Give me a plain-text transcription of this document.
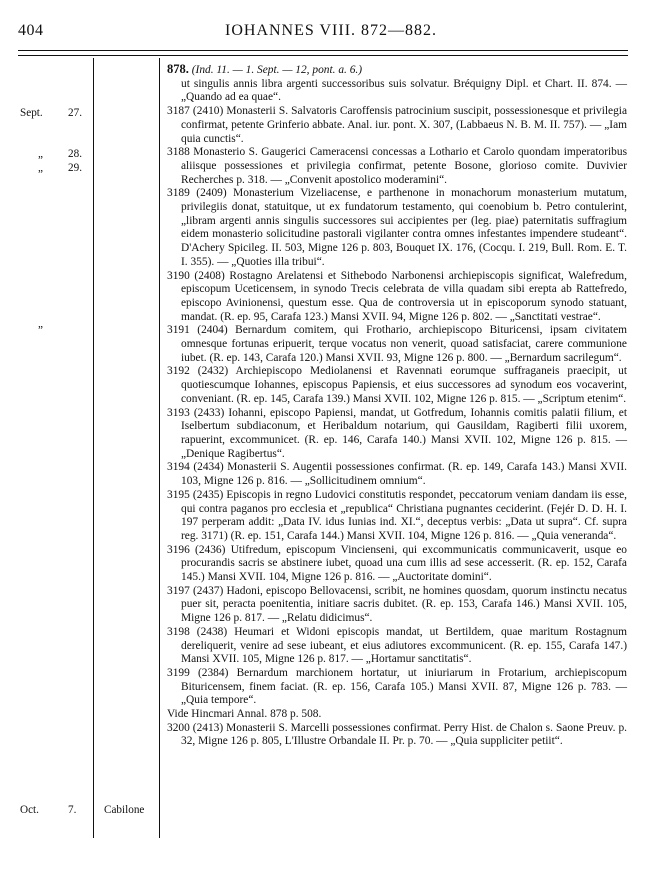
404	IOHANNES VIII. 872—882.
Sept. 27.
„ 28.
„ 29.
„
Oct.	7. Cabilone

878. (Ind. 11. — 1. Sept. — 12, pont. a. 6.)
ut singulis annis libra argenti successoribus suis solvatur. Bréquigny Dipl. et Chart. II. 874. — „Quando ad ea quae“.

3187 (2410) Monasterii S. Salvatoris Caroffensis patrocinium suscipit, possessionesque et privilegia confirmat, petente Grinferio abbate. Anal. iur. pont. X. 307, (Labbaeus N. B. M. II. 757). — „Iam quia cunctis“.

3188 Monasterio S. Gaugerici Cameracensi concessas a Lothario et Carolo quondam imperatoribus aliisque possessiones et privilegia confirmat, petente Bosone, glorioso comite. Duvivier Recherches p. 318. — „Convenit apostolico moderamini“.

3189 (2409) Monasterium Vizeliacense, e parthenone in monachorum monasterium mutatum, privilegiis donat, statuitque, ut ex fundatorum testamento, qui coenobium b. Petro contulerint, „libram argenti annis singulis successores sui accipientes per (leg. piae) paternitatis suffragium eidem monasterio solicitudine pastorali vigilanter contra omnes infestantes impendere studeant“. D'Achery Spicileg. II. 503, Migne 126 p. 803, Bouquet IX. 176, (Cocqu. I. 219, Bull. Rom. E. T. I. 355). — „Quoties illa tribui“.

3190 (2408) Rostagno Arelatensi et Sithebodo Narbonensi archiepiscopis significat, Walefredum, episcopum Uceticensem, in synodo Trecis celebrata de villa quadam sibi erepta ab Rattefredo, episcopo Avinionensi, questum esse. Qua de controversia ut in episcoporum synodo statuant, mandat. (R. ep. 95, Carafa 123.) Mansi XVII. 94, Migne 126 p. 802. — „Sanctitati vestrae“.

3191 (2404) Bernardum comitem, qui Frothario, archiepiscopo Bituricensi, ipsam civitatem omnesque fortunas eripuerit, terque vocatus non venerit, quoad satisfaciat, carere communione iubet. (R. ep. 143, Carafa 120.) Mansi XVII. 93, Migne 126 p. 800. — „Bernardum sacrilegum“.

3192 (2432) Archiepiscopo Mediolanensi et Ravennati eorumque suffraganeis praecipit, ut quotiescumque Iohannes, episcopus Papiensis, et eius successores ad synodum eos vocaverint, conveniant. (R. ep. 145, Carafa 139.) Mansi XVII. 102, Migne 126 p. 815. — „Scriptum etenim“.

3193 (2433) Iohanni, episcopo Papiensi, mandat, ut Gotfredum, Iohannis comitis palatii filium, et Iselbertum subdiaconum, et Heribaldum notarium, qui Gausildam, Ragiberti filii uxorem, rapuerint, excommunicet. (R. ep. 146, Carafa 140.) Mansi XVII. 102, Migne 126 p. 815. — „Denique Ragibertus“.

3194 (2434) Monasterii S. Augentii possessiones confirmat. (R. ep. 149, Carafa 143.) Mansi XVII. 103, Migne 126 p. 816. — „Sollicitudinem omnium“.

3195 (2435) Episcopis in regno Ludovici constitutis respondet, peccatorum veniam dandam iis esse, qui contra paganos pro ecclesia et „republica“ Christiana pugnantes ceciderint. (Fejér D. D. H. I. 197 perperam addit: „Data IV. idus Iunias ind. XI.“, deceptus verbis: „Data ut supra“. Cf. supra reg. 3171) (R. ep. 151, Carafa 144.) Mansi XVII. 104, Migne 126 p. 816. — „Quia veneranda“.

3196 (2436) Utifredum, episcopum Vincienseni, qui excommunicatis communicaverit, usque eo procurandis sacris se abstinere iubet, quoad una cum illis ad sese accesserit. (R. ep. 152, Carafa 145.) Mansi XVII. 104, Migne 126 p. 816. — „Auctoritate domini“.

3197 (2437) Hadoni, episcopo Bellovacensi, scribit, ne homines quosdam, quorum instinctu necatus puer sit, peracta poenitentia, initiare sacris dubitet. (R. ep. 153, Carafa 146.) Mansi XVII. 105, Migne 126 p. 817. — „Relatu didicimus“.

3198 (2438) Heumari et Widoni episcopis mandat, ut Bertildem, quae maritum Rostagnum dereliquerit, venire ad sese iubeant, et eius adiutores excommunicent. (R. ep. 155, Carafa 147.) Mansi XVII. 105, Migne 126 p. 817. — „Hortamur sanctitatis“.

3199 (2384) Bernardum marchionem hortatur, ut iniuriarum in Frotarium, archiepiscopum Bituricensem, finem faciat. (R. ep. 156, Carafa 105.) Mansi XVII. 87, Migne 126 p. 783. — „Quia tempore“.

Vide Hincmari Annal. 878 p. 508.

3200 (2413) Monasterii S. Marcelli possessiones confirmat. Perry Hist. de Chalon s. Saone Preuv. p. 32, Migne 126 p. 805, L'Illustre Orbandale II. Pr. p. 70. — „Quia suppliciter petiit“.
